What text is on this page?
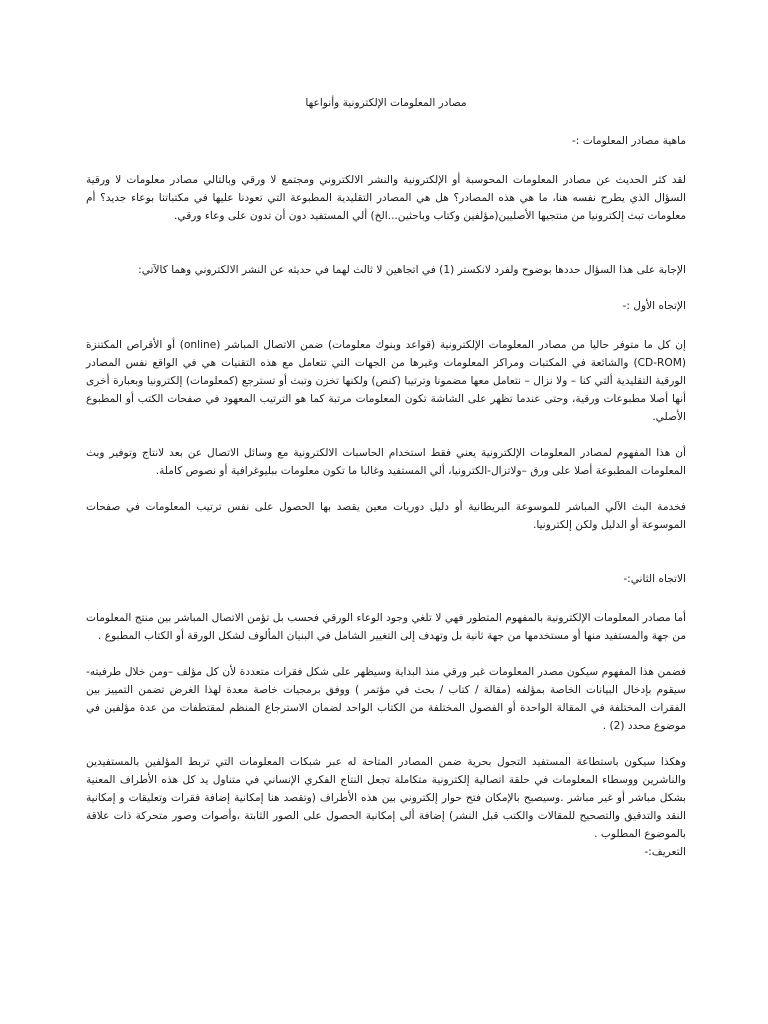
مصادر المعلومات الإلكترونية وأنواعها
ماهية مصادر المعلومات :-

لقد كثر الحديث عن مصادر المعلومات المحوسبة أو الإلكترونية والنشر الالكتروني ومجتمع لا ورقي وبالتالي مصادر معلومات لا ورقية السؤال الذي يطرح نفسه هنا، ما هي هذه المصادر؟ هل هي المصادر التقليدية المطبوعة التي تعودنا عليها في مكتباتنا بوعاء جديد؟ أم معلومات تبث إلكترونيا من منتجيها الأصليين(مؤلفين وكتاب وباحثين...الخ) ألي المستفيد دون أن تدون على وعاء ورقي.

الإجابة على هذا السؤال حددها بوضوح ولفرد لانكستر (1) في اتجاهين لا ثالث لهما في حديثه عن النشر الالكتروني وهما كالآتي:

الإتجاه الأول :-

إن كل ما متوفر حاليا من مصادر المعلومات الإلكترونية (قواعد وبنوك معلومات) ضمن الاتصال المباشر (online) أو الأقراص المكتنزة (CD-ROM) والشائعة في المكتبات ومراكز المعلومات وغيرها من الجهات التي تتعامل مع هذه التقنيات هي في الواقع نفس المصادر الورقية التقليدية ألتي كنا – ولا نزال – نتعامل معها مضمونا وترتيبا (كنص) ولكنها تخزن وتبث أو تسترجع (كمعلومات) إلكترونيا وبعبارة أخرى أنها أصلا مطبوعات ورقية، وحتى عندما تظهر على الشاشة تكون المعلومات مرتبة كما هو الترتيب المعهود في صفحات الكتب أو المطبوع الأصلي.

أن هذا المفهوم لمصادر المعلومات الإلكترونية يعني فقط استخدام الحاسبات الالكترونية مع وسائل الاتصال عن بعد لانتاج وتوفير وبث المعلومات المطبوعة أصلا على ورق –ولاتزال-الكترونيا، ألي المستفيد وغالبا ما تكون معلومات ببليوغرافية أو نصوص كاملة.

فخدمة البث الآلي المباشر للموسوعة البريطانية أو دليل دوريات معين يقصد بها الحصول على نفس ترتيب المعلومات في صفحات الموسوعة أو الدليل ولكن إلكترونيا.

الاتجاه الثاني:-

أما مصادر المعلومات الإلكترونية بالمفهوم المتطور فهي لا تلغي وجود الوعاء الورقي فحسب بل تؤمن الاتصال المباشر بين منتج المعلومات من جهة والمستفيد منها أو مستخدمها من جهة ثانية بل وتهدف إلى التغيير الشامل في البنيان المألوف لشكل الورقة أو الكتاب المطبوع .

فضمن هذا المفهوم سيكون مصدر المعلومات غير ورقي منذ البداية وسيظهر على شكل فقرات متعددة لأن كل مؤلف –ومن خلال طرفيته- سيقوم بإدخال البيانات الخاصة بمؤلفه (مقالة / كتاب / بحث في مؤتمر ) ووفق برمجيات خاصة معدة لهذا الغرض تضمن التمييز بين الفقرات المختلفة في المقالة الواحدة أو الفصول المختلفة من الكتاب الواحد لضمان الاسترجاع المنظم لمقتطفات من عدة مؤلفين في موضوع محدد (2) .

وهكذا سيكون باستطاعة المستفيد التجول بحرية ضمن المصادر المتاحة له عبر شبكات المعلومات التي تربط المؤلفين بالمستفيدين والناشرين ووسطاء المعلومات في حلقة اتصالية إلكترونية متكاملة تجعل النتاج الفكري الإنساني في متناول يد كل هذه الأطراف المعنية بشكل مباشر أو غير مباشر .وسيصبح بالإمكان فتح حوار إلكتروني بين هذه الأطراف (وتقصد هنا إمكانية إضافة فقرات وتعليقات و إمكانية النقد والتدقيق والتصحيح للمقالات والكتب قبل النشر) إضافة ألى إمكانية الحصول على الصور الثابتة ،وأصوات وصور متحركة ذات علاقة بالموضوع المطلوب .

التعريف:-
